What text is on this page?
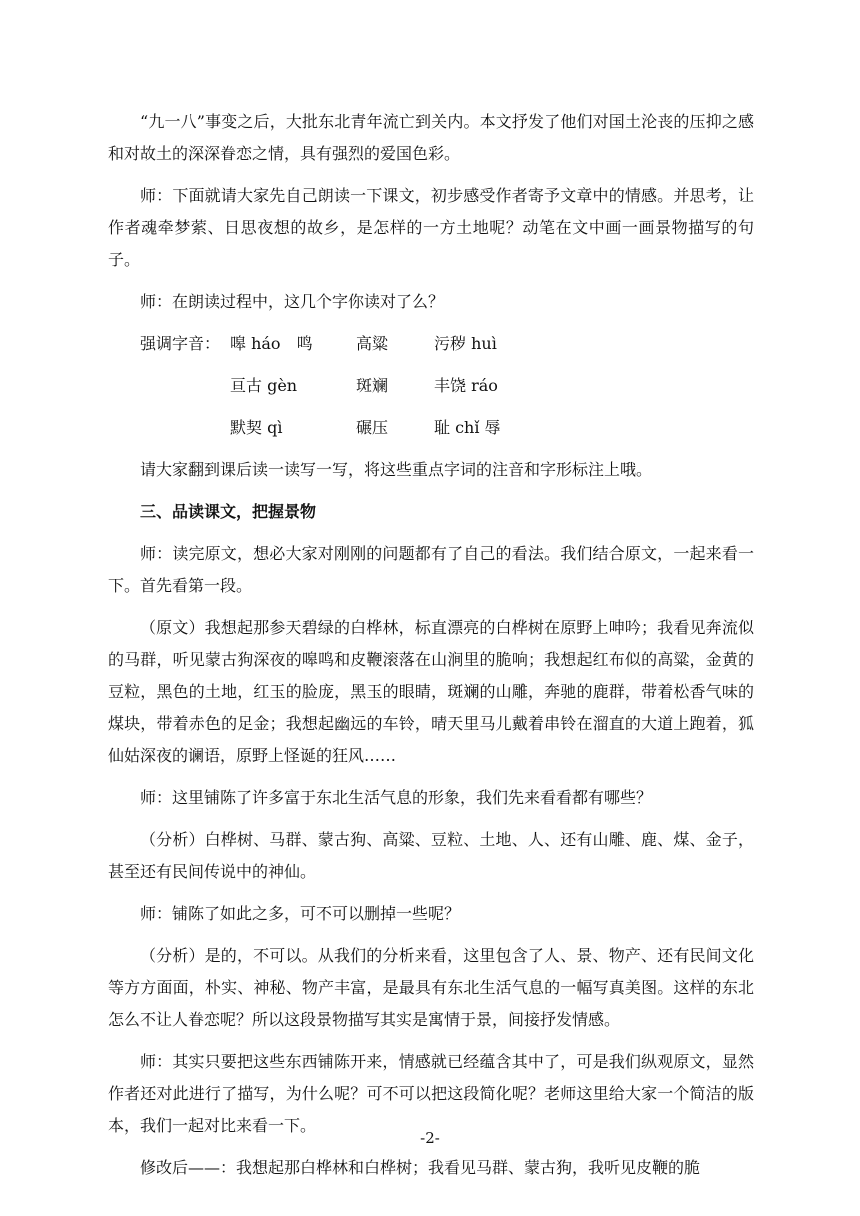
“九一八”事变之后，大批东北青年流亡到关内。本文抒发了他们对国土沦丧的压抑之感和对故土的深深眷恋之情，具有强烈的爱国色彩。

师：下面就请大家先自己朗读一下课文，初步感受作者寄予文章中的情感。并思考，让作者魂牵梦萦、日思夜想的故乡，是怎样的一方土地呢？动笔在文中画一画景物描写的句子。

师：在朗读过程中，这几个字你读对了么？

强调字音： 嗥 háo　鸣	高粱	污秽 huì
亘古 gèn	斑斓	丰饶 ráo
默契 qì	碾压	耻 chǐ 辱

请大家翻到课后读一读写一写，将这些重点字词的注音和字形标注上哦。

三、品读课文，把握景物

师：读完原文，想必大家对刚刚的问题都有了自己的看法。我们结合原文，一起来看一下。首先看第一段。

（原文）我想起那参天碧绿的白桦林，标直漂亮的白桦树在原野上呻吟；我看见奔流似的马群，听见蒙古狗深夜的嗥鸣和皮鞭滚落在山涧里的脆响；我想起红布似的高粱，金黄的豆粒，黑色的土地，红玉的脸庞，黑玉的眼睛，斑斓的山雕，奔驰的鹿群，带着松香气味的煤块，带着赤色的足金；我想起幽远的车铃，晴天里马儿戴着串铃在溜直的大道上跑着，狐仙姑深夜的谰语，原野上怪诞的狂风……

师：这里铺陈了许多富于东北生活气息的形象，我们先来看看都有哪些？

（分析）白桦树、马群、蒙古狗、高粱、豆粒、土地、人、还有山雕、鹿、煤、金子，甚至还有民间传说中的神仙。

师：铺陈了如此之多，可不可以删掉一些呢？

（分析）是的，不可以。从我们的分析来看，这里包含了人、景、物产、还有民间文化等方方面面，朴实、神秘、物产丰富，是最具有东北生活气息的一幅写真美图。这样的东北怎么不让人眷恋呢？所以这段景物描写其实是寓情于景，间接抒发情感。

师：其实只要把这些东西铺陈开来，情感就已经蕴含其中了，可是我们纵观原文，显然作者还对此进行了描写，为什么呢？可不可以把这段简化呢？老师这里给大家一个简洁的版本，我们一起对比来看一下。

修改后——：我想起那白桦林和白桦树；我看见马群、蒙古狗，我听见皮鞭的脆

-2-
